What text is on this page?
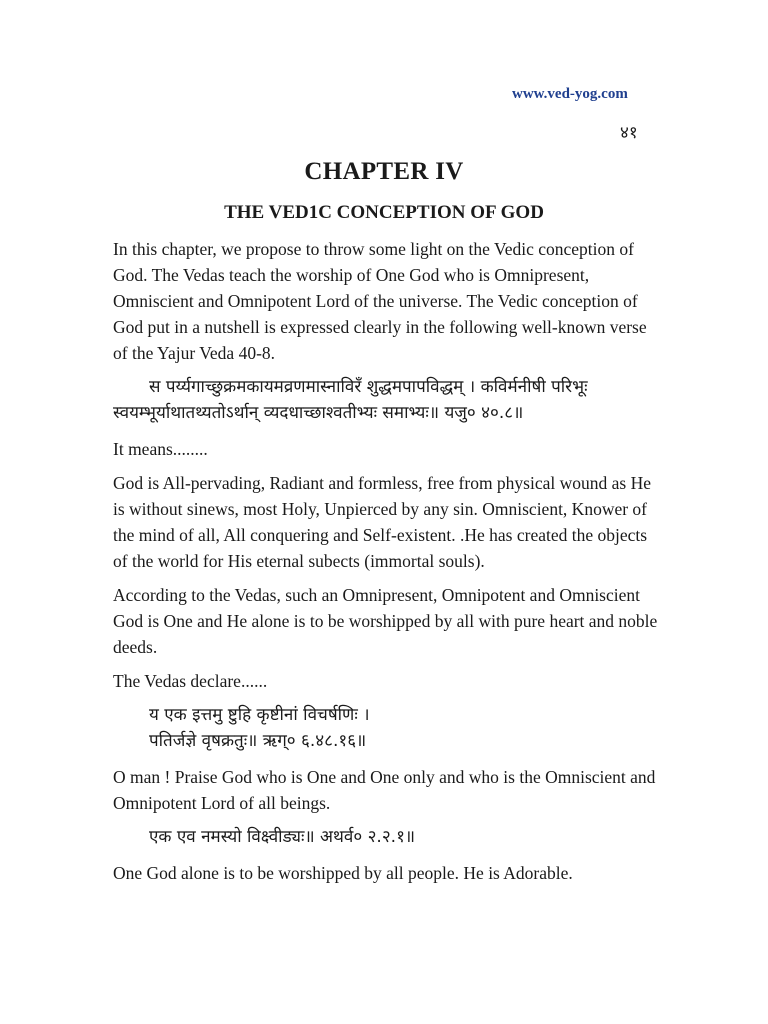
www.ved-yog.com
४१
CHAPTER IV
THE VED1C CONCEPTION OF GOD

In this chapter, we propose to throw some light on the Vedic conception of God. The Vedas teach the worship of One God who is Omnipresent, Omniscient and Omnipotent Lord of the universe. The Vedic conception of God put in a nutshell is expressed clearly in the following well-known verse of the Yajur Veda 40-8.

स पर्य्यगाच्छुक्रमकायमव्रणमास्नाविरँ शुद्धमपापविद्धम् । कविर्मनीषी परिभूः
स्वयम्भूर्याथातथ्यतोऽर्थान् व्यदधाच्छाश्वतीभ्यः समाभ्यः॥ यजु० ४०.८॥

It means........

God is All-pervading, Radiant and formless, free from physical wound as He is without sinews, most Holy, Unpierced by any sin. Omniscient, Knower of the mind of all, All conquering and Self-existent. .He has created the objects of the world for His eternal subects (immortal souls).

According to the Vedas, such an Omnipresent, Omnipotent and Omniscient God is One and He alone is to be worshipped by all with pure heart and noble deeds.

The Vedas declare......

य एक इत्तमु ष्टुहि कृष्टीनां विचर्षणिः ।
पतिर्जज्ञे वृषक्रतुः॥ ऋग्० ६.४८.१६॥

O man ! Praise God who is One and One only and who is the Omniscient and Omnipotent Lord of all beings.

एक एव नमस्यो विक्ष्वीड्यः॥ अथर्व० २.२.१॥

One God alone is to be worshipped by all people. He is Adorable.
